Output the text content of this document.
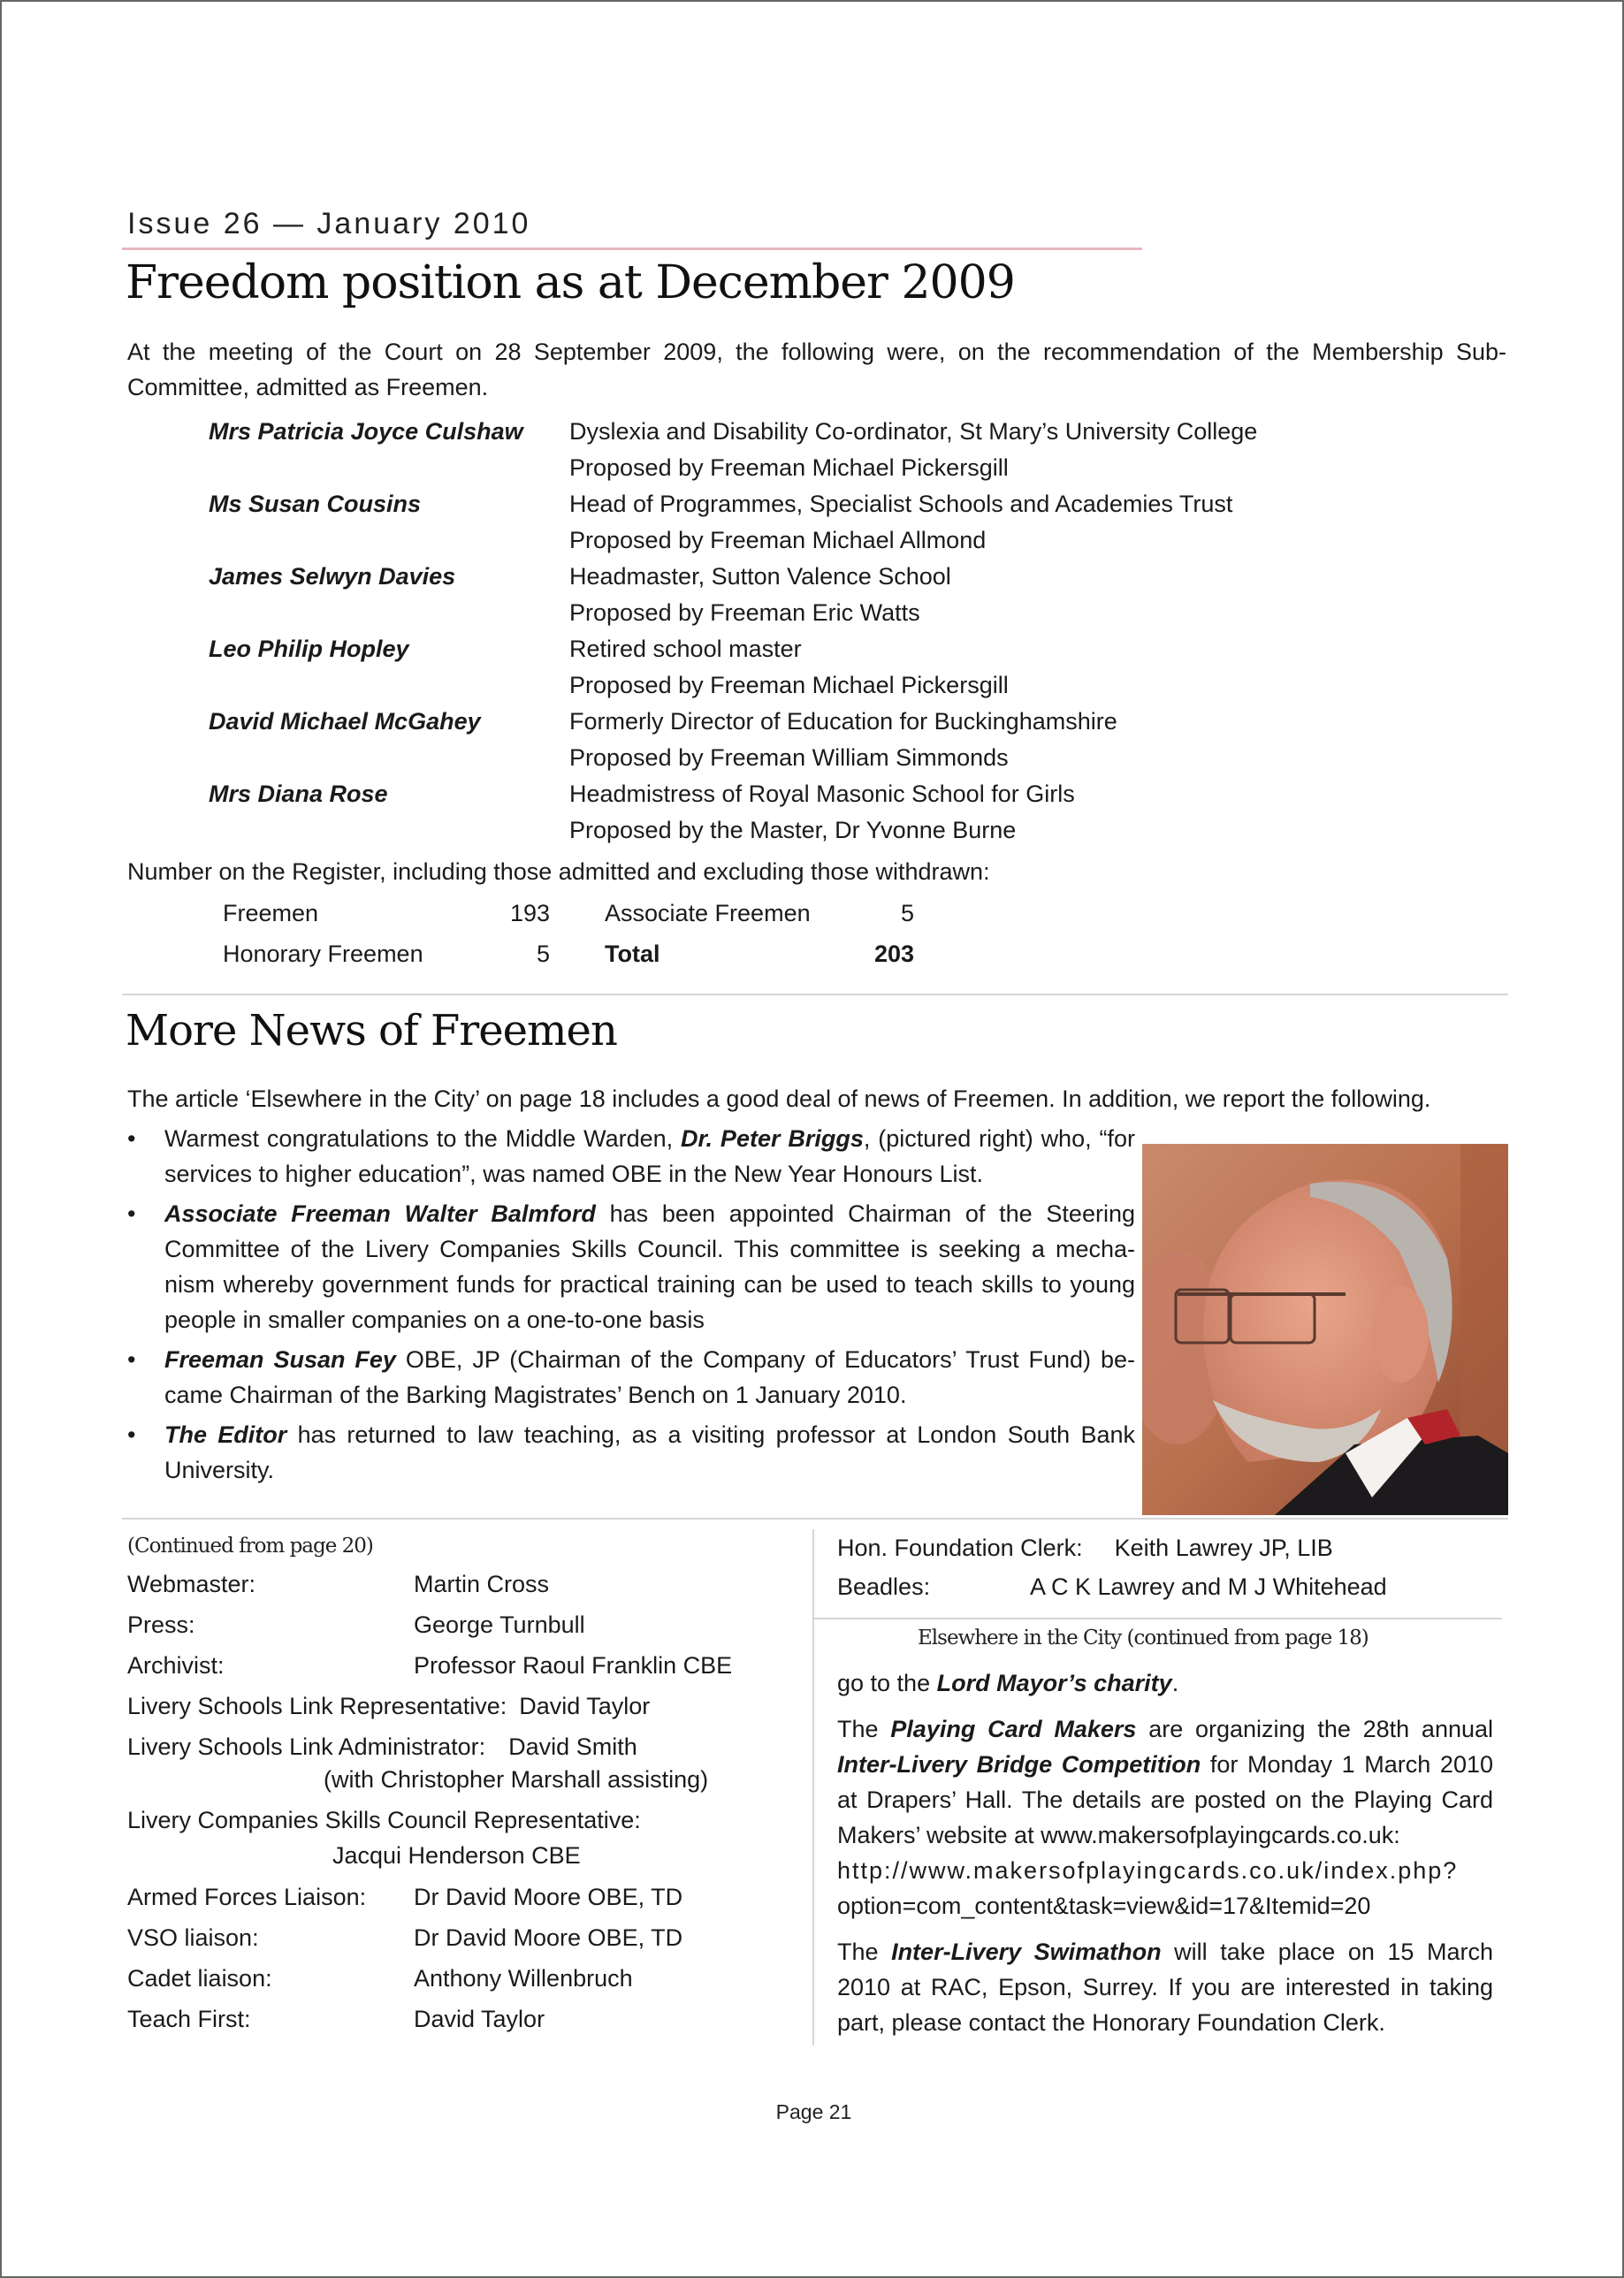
Issue 26 — January 2010
Freedom position as at December 2009
At the meeting of the Court on 28 September 2009, the following were, on the recommendation of the Membership Sub-Committee, admitted as Freemen.
Mrs Patricia Joyce Culshaw	Dyslexia and Disability Co-ordinator, St Mary’s University College
Proposed by Freeman Michael Pickersgill
Ms Susan Cousins	Head of Programmes, Specialist Schools and Academies Trust
Proposed by Freeman Michael Allmond
James Selwyn Davies	Headmaster, Sutton Valence School
Proposed by Freeman Eric Watts
Leo Philip Hopley	Retired school master
Proposed by Freeman Michael Pickersgill
David Michael McGahey	Formerly Director of Education for Buckinghamshire
Proposed by Freeman William Simmonds
Mrs Diana Rose	Headmistress of Royal Masonic School for Girls
Proposed by the Master, Dr Yvonne Burne
Number on the Register, including those admitted and excluding those withdrawn:
Freemen	193	Associate Freemen	5
Honorary Freemen	5	Total	203
More News of Freemen
The article ‘Elsewhere in the City’ on page 18 includes a good deal of news of Freemen. In addition, we report the following.
•	Warmest congratulations to the Middle Warden, Dr. Peter Briggs, (pictured right) who, “for services to higher education”, was named OBE in the New Year Honours List.
•	Associate Freeman Walter Balmford has been appointed Chairman of the Steering Committee of the Livery Companies Skills Council. This committee is seeking a mecha-nism whereby government funds for practical training can be used to teach skills to young people in smaller companies on a one-to-one basis
•	Freeman Susan Fey OBE, JP (Chairman of the Company of Educators’ Trust Fund) be-came Chairman of the Barking Magistrates’ Bench on 1 January 2010.
•	The Editor has returned to law teaching, as a visiting professor at London South Bank University.
(Continued from page 20)
Webmaster:	Martin Cross
Press:	George Turnbull
Archivist:	Professor Raoul Franklin CBE
Livery Schools Link Representative: David Taylor
Livery Schools Link Administrator: David Smith
(with Christopher Marshall assisting)
Livery Companies Skills Council Representative:
Jacqui Henderson CBE
Armed Forces Liaison:	Dr David Moore OBE, TD
VSO liaison:	Dr David Moore OBE, TD
Cadet liaison:	Anthony Willenbruch
Teach First:	David Taylor
Hon. Foundation Clerk: Keith Lawrey JP, LIB
Beadles:	A C K Lawrey and M J Whitehead
Elsewhere in the City (continued from page 18)

go to the Lord Mayor’s charity.

The Playing Card Makers are organizing the 28th annual Inter-Livery Bridge Competition for Monday 1 March 2010 at Drapers’ Hall. The details are posted on the Playing Card Makers’ website at www.makersofplayingcards.co.uk:
http://www.makersofplayingcards.co.uk/index.php?
option=com_content&task=view&id=17&Itemid=20

The Inter-Livery Swimathon will take place on 15 March 2010 at RAC, Epson, Surrey. If you are interested in taking part, please contact the Honorary Foundation Clerk.

Page 21
